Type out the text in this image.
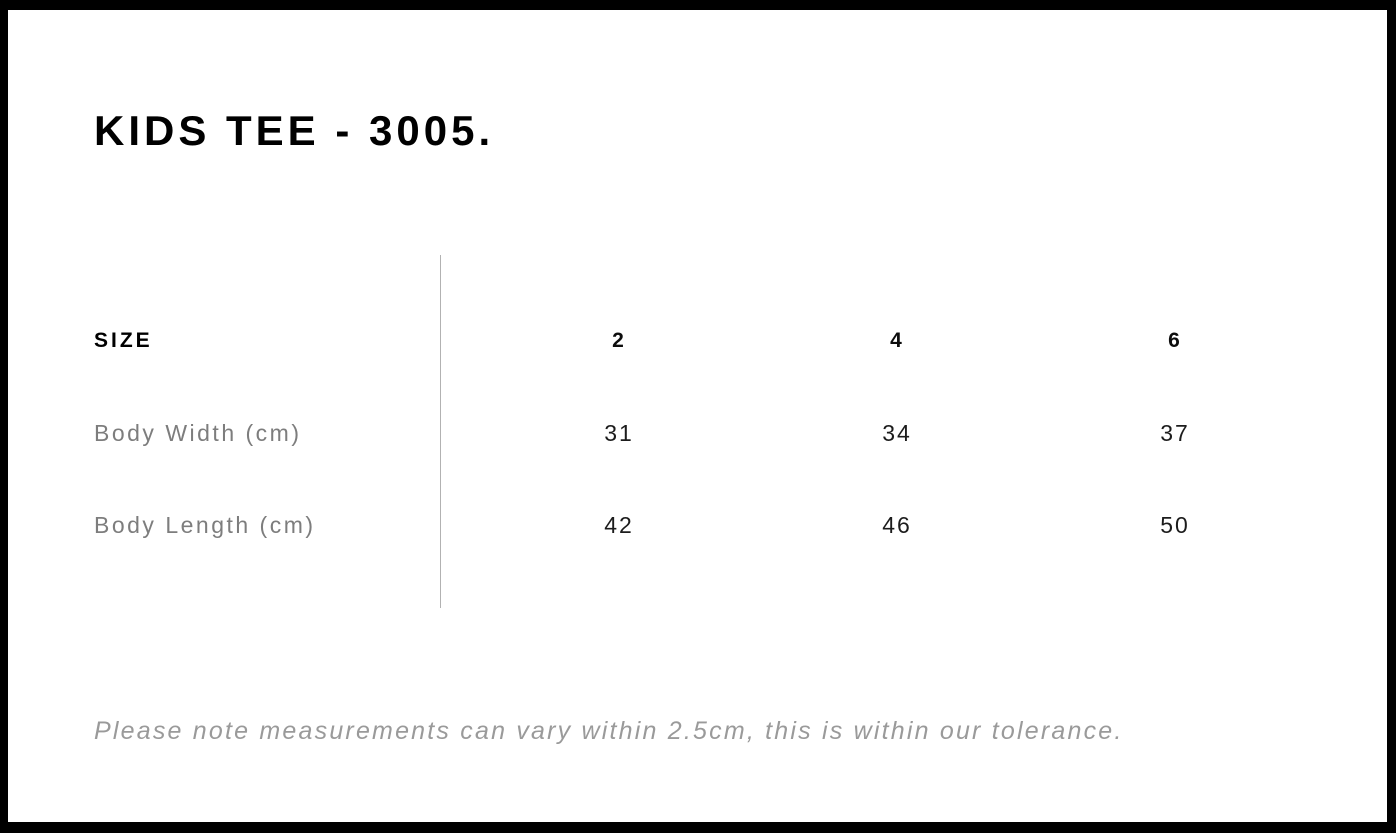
KIDS TEE - 3005.
SIZE	2	4	6
Body Width (cm)	31	34	37
Body Length (cm)	42	46	50

Please note measurements can vary within 2.5cm, this is within our tolerance.
